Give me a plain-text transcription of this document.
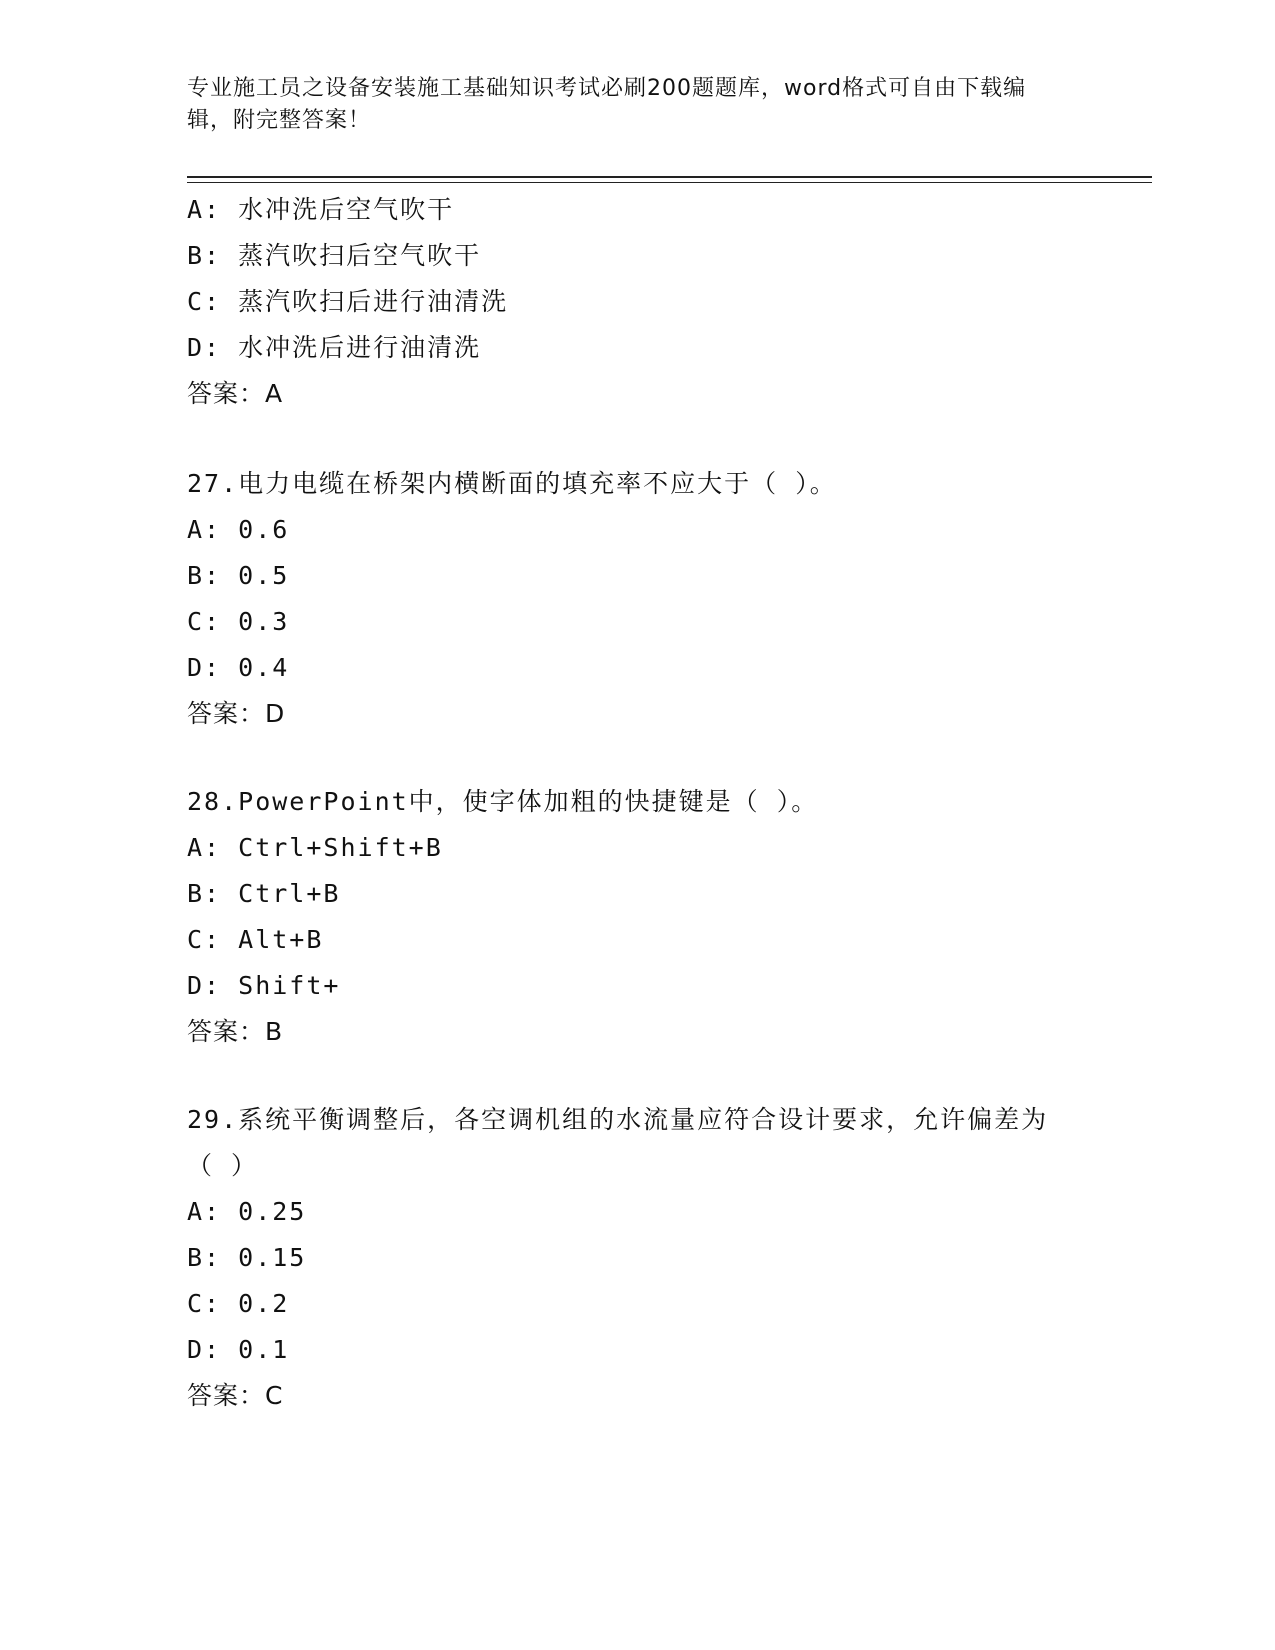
专业施工员之设备安装施工基础知识考试必刷200题题库，word格式可自由下载编辑，附完整答案！
A: 水冲洗后空气吹干
B: 蒸汽吹扫后空气吹干
C: 蒸汽吹扫后进行油清洗
D: 水冲洗后进行油清洗
答案：A
27.电力电缆在桥架内横断面的填充率不应大于（ ）。
A: 0.6
B: 0.5
C: 0.3
D: 0.4
答案：D
28.PowerPoint中，使字体加粗的快捷键是（ ）。
A: Ctrl+Shift+B
B: Ctrl+B
C: Alt+B
D: Shift+
答案：B
29.系统平衡调整后，各空调机组的水流量应符合设计要求，允许偏差为（ ）
A: 0.25
B: 0.15
C: 0.2
D: 0.1
答案：C
